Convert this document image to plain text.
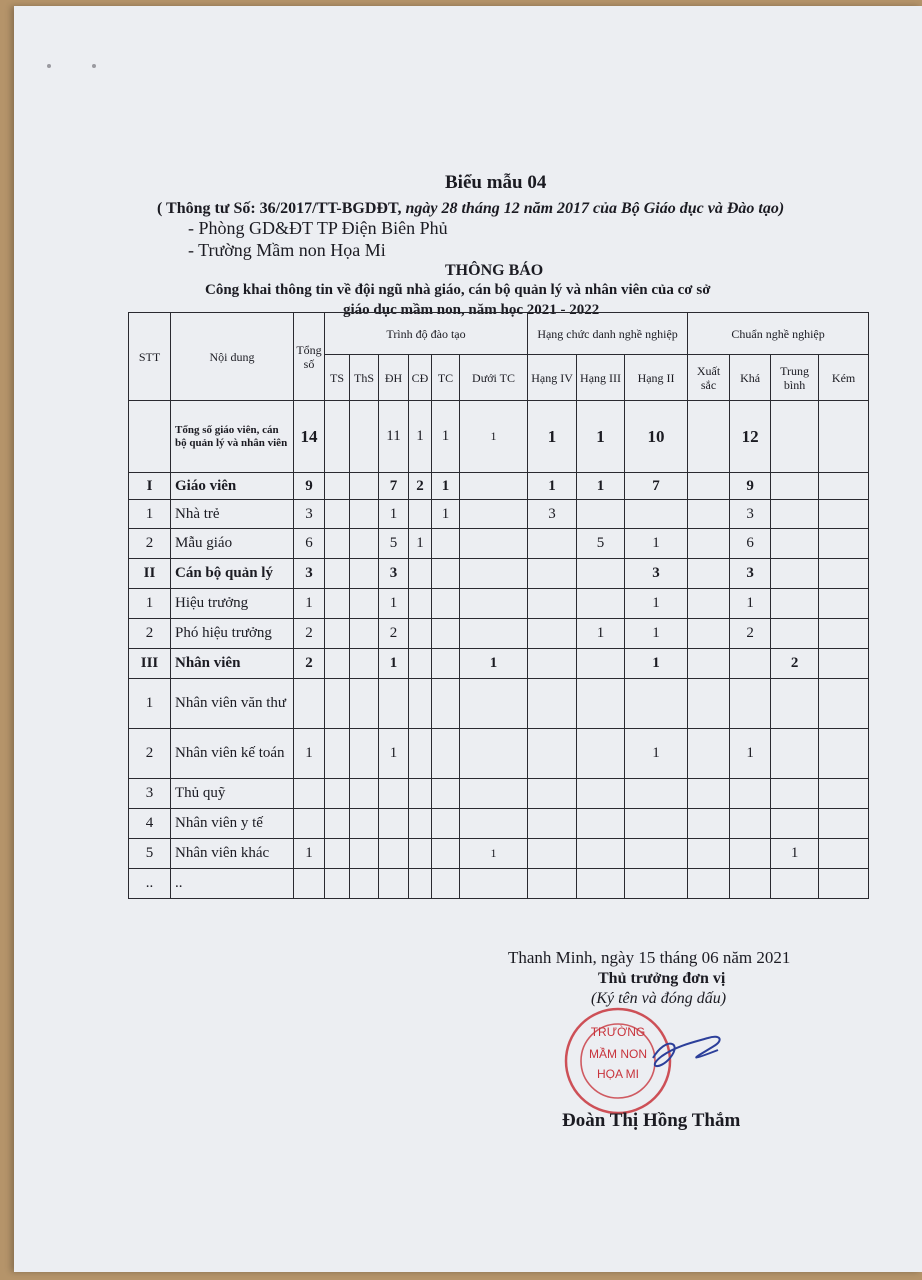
Biểu mẫu 04
( Thông tư Số: 36/2017/TT-BGDĐT, ngày 28 tháng 12 năm 2017 của Bộ Giáo dục và Đào tạo)
- Phòng GD&ĐT TP Điện Biên Phủ
- Trường Mầm non Họa Mi
THÔNG BÁO
Công khai thông tin về đội ngũ nhà giáo, cán bộ quản lý và nhân viên của cơ sở
giáo dục mầm non, năm học 2021 - 2022
STT	Nội dung	Tổng số	Trình độ đào tạo						Hạng chức danh nghề nghiệp			Chuẩn nghề nghiệp			
			TS	ThS	ĐH	CĐ	TC	Dưới TC	Hạng IV	Hạng III	Hạng II	Xuất sắc	Khá	Trung bình	Kém
	Tổng số giáo viên, cán bộ quản lý và nhân viên	14			11	1	1	1	1	1	10		12		
I	Giáo viên	9			7	2	1		1	1	7		9		
1	Nhà trẻ	3			1		1		3				3		
2	Mẫu giáo	6			5	1				5	1		6		
II	Cán bộ quản lý	3			3						3		3		
1	Hiệu trưởng	1			1						1		1		
2	Phó hiệu trưởng	2			2					1	1		2		
III	Nhân viên	2			1			1			1			2	
1	Nhân viên văn thư														
2	Nhân viên kế toán	1			1						1		1		
3	Thủ quỹ														
4	Nhân viên y tế														
5	Nhân viên khác	1						1						1	
..	..														
Thanh Minh, ngày 15 tháng 06 năm 2021
Thủ trưởng đơn vị
(Ký tên và đóng dấu)
TRƯỜNG
MẦM NON
HỌA MI
Đoàn Thị Hồng Thắm
